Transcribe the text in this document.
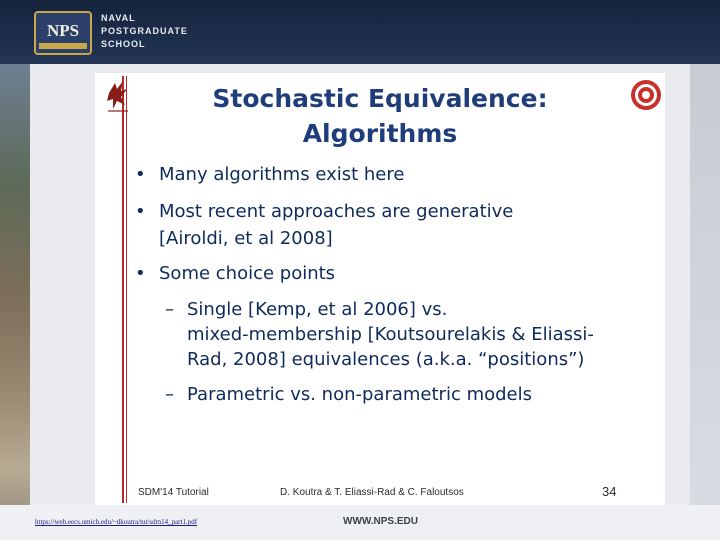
NPS
NAVAL
POSTGRADUATE
SCHOOL
Stochastic Equivalence:
Algorithms
• Many algorithms exist here
• Most recent approaches are generative
[Airoldi, et al 2008]
• Some choice points
– Single [Kemp, et al 2006] vs.
mixed-membership [Koutsourelakis & Eliassi-
Rad, 2008] equivalences (a.k.a. “positions”)
– Parametric vs. non-parametric models
SDM'14 Tutorial	D. Koutra & T. Eliassi-Rad & C. Faloutsos	34
https://web.eecs.umich.edu/~dkoutra/tut/sdm14_part1.pdf	WWW.NPS.EDU
